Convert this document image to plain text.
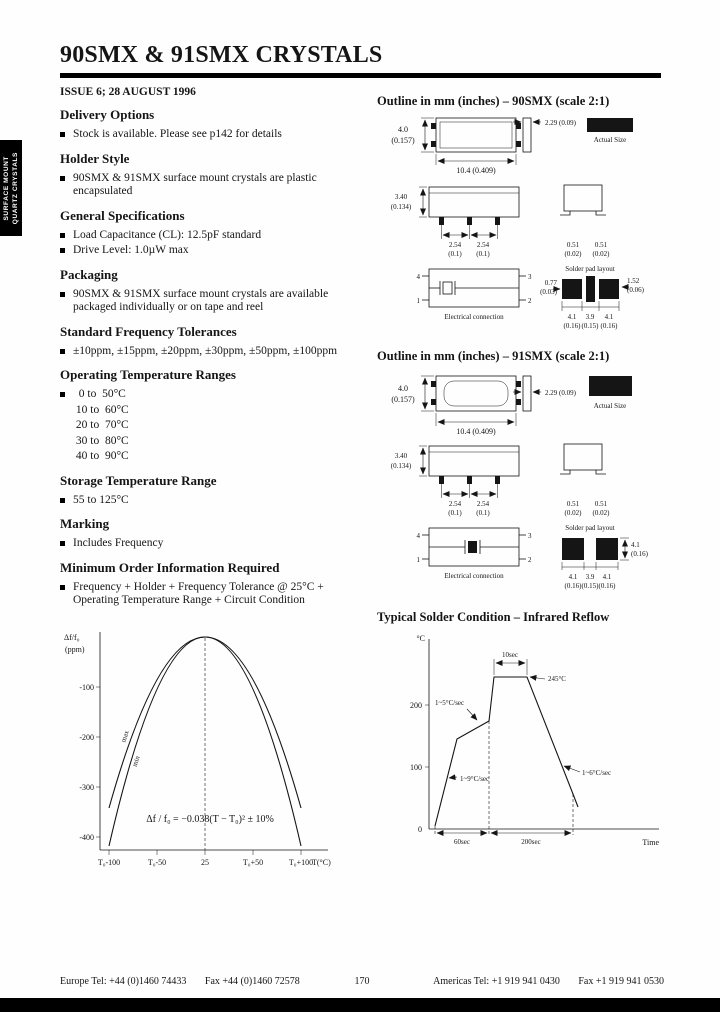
90SMX & 91SMX CRYSTALS
SURFACE MOUNT QUARTZ CRYSTALS
ISSUE 6; 28 AUGUST 1996
Delivery Options
Stock is available. Please see p142 for details
Holder Style
90SMX & 91SMX surface mount crystals are plastic encapsulated
General Specifications
Load Capacitance (CL): 12.5pF standard
Drive Level: 1.0µW max
Packaging
90SMX & 91SMX surface mount crystals are available packaged individually or on tape and reel
Standard Frequency Tolerances
±10ppm, ±15ppm, ±20ppm, ±30ppm, ±50ppm, ±100ppm
Operating Temperature Ranges
0 to  50°C
10 to  60°C
20 to  70°C
30 to  80°C
40 to  90°C
Storage Temperature Range
55 to 125°C
Marking
Includes Frequency
Minimum Order Information Required
Frequency + Holder + Frequency Tolerance @ 25°C + Operating Temperature Range + Circuit Condition
Δf/f₀
(ppm)
-100
-200
-300
-400
T₀-100	T₀-50	25	T₀+50	T₀+100
T(°C)
max
min
Δf / f₀ = −0.038(T − T₀)² ± 10%
Outline in mm (inches) – 90SMX (scale 2:1)
4.0
(0.157)
2.29 (0.09)
Actual Size
10.4 (0.409)
3.40
(0.134)
2.54
(0.1)
2.54
(0.1)
0.51
(0.02)
0.51
(0.02)
Solder pad layout
0.77
(0.03)
1.52
(0.06)
4.1
(0.16)
3.9
(0.15)
4.1
(0.16)
4
1
3
2
Electrical connection
Outline in mm (inches) – 91SMX (scale 2:1)
4.0
(0.157)
2.29 (0.09)
Actual Size
10.4 (0.409)
3.40
(0.134)
2.54
(0.1)
2.54
(0.1)
0.51
(0.02)
0.51
(0.02)
Solder pad layout
4.1
(0.16)
4.1
(0.16)
3.9
(0.15)
4.1
(0.16)
4
1
3
2
Electrical connection
Typical Solder Condition – Infrared Reflow
°C
200
100
0
60sec	200sec	Time
10sec
245°C
1~5°C/sec
1~9°C/sec
1~6°C/sec
Europe Tel: +44 (0)1460 74433 Fax +44 (0)1460 72578	170	Americas Tel: +1 919 941 0430 Fax +1 919 941 0530
